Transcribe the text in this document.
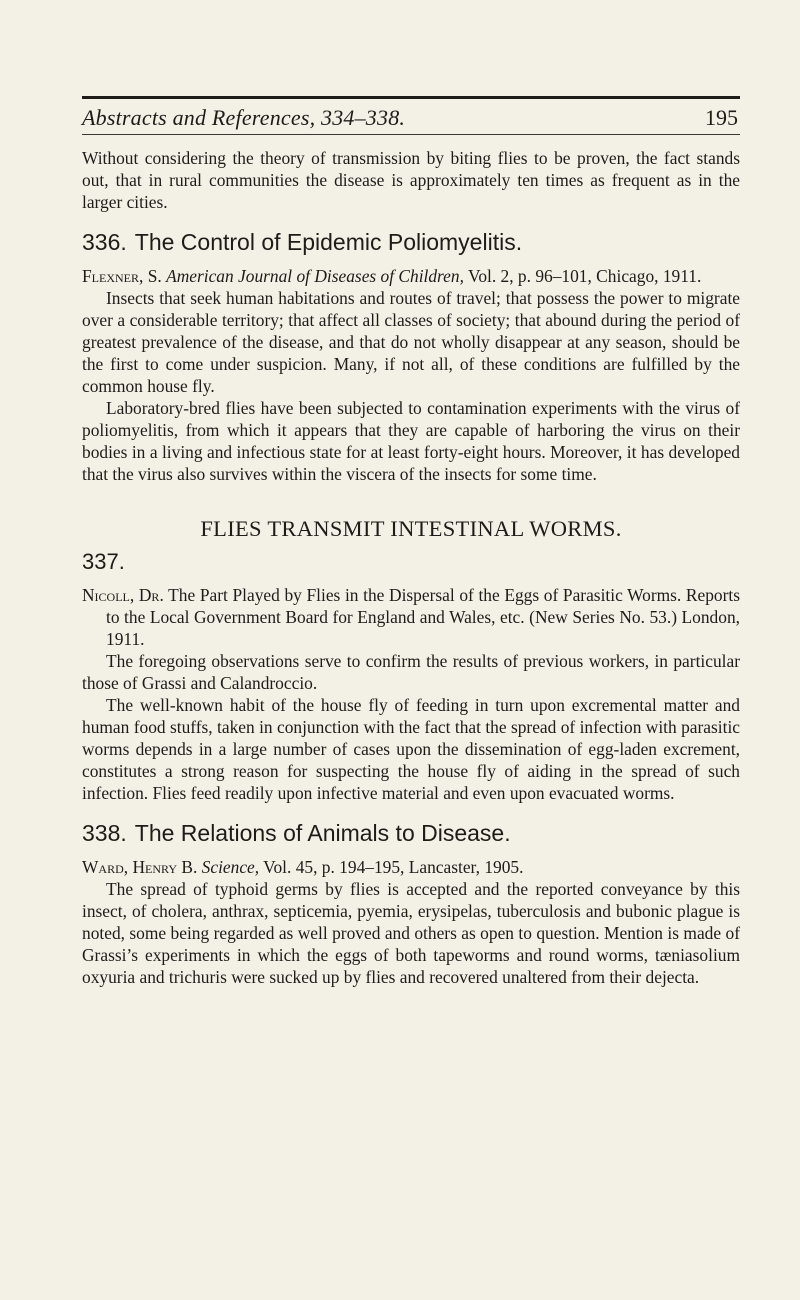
Abstracts and References, 334–338.	195

Without considering the theory of transmission by biting flies to be proven, the fact stands out, that in rural communities the disease is approximately ten times as frequent as in the larger cities.

336. The Control of Epidemic Poliomyelitis.

Flexner, S. American Journal of Diseases of Children, Vol. 2, p. 96–101, Chicago, 1911.

Insects that seek human habitations and routes of travel; that possess the power to migrate over a considerable territory; that affect all classes of society; that abound during the period of greatest prevalence of the disease, and that do not wholly disappear at any season, should be the first to come under suspicion. Many, if not all, of these conditions are fulfilled by the common house fly.

Laboratory-bred flies have been subjected to contamination experiments with the virus of poliomyelitis, from which it appears that they are capable of harboring the virus on their bodies in a living and infectious state for at least forty-eight hours. Moreover, it has developed that the virus also survives within the viscera of the insects for some time.

FLIES TRANSMIT INTESTINAL WORMS.
337.

Nicoll, Dr. The Part Played by Flies in the Dispersal of the Eggs of Parasitic Worms. Reports to the Local Government Board for England and Wales, etc. (New Series No. 53.) London, 1911.

The foregoing observations serve to confirm the results of previous workers, in particular those of Grassi and Calandroccio.

The well-known habit of the house fly of feeding in turn upon excremental matter and human food stuffs, taken in conjunction with the fact that the spread of infection with parasitic worms depends in a large number of cases upon the dissemination of egg-laden excrement, constitutes a strong reason for suspecting the house fly of aiding in the spread of such infection. Flies feed readily upon infective material and even upon evacuated worms.

338. The Relations of Animals to Disease.

Ward, Henry B. Science, Vol. 45, p. 194–195, Lancaster, 1905.

The spread of typhoid germs by flies is accepted and the reported conveyance by this insect, of cholera, anthrax, septicemia, pyemia, erysipelas, tuberculosis and bubonic plague is noted, some being regarded as well proved and others as open to question. Mention is made of Grassi’s experiments in which the eggs of both tapeworms and round worms, tæniasolium oxyuria and trichuris were sucked up by flies and recovered unaltered from their dejecta.
